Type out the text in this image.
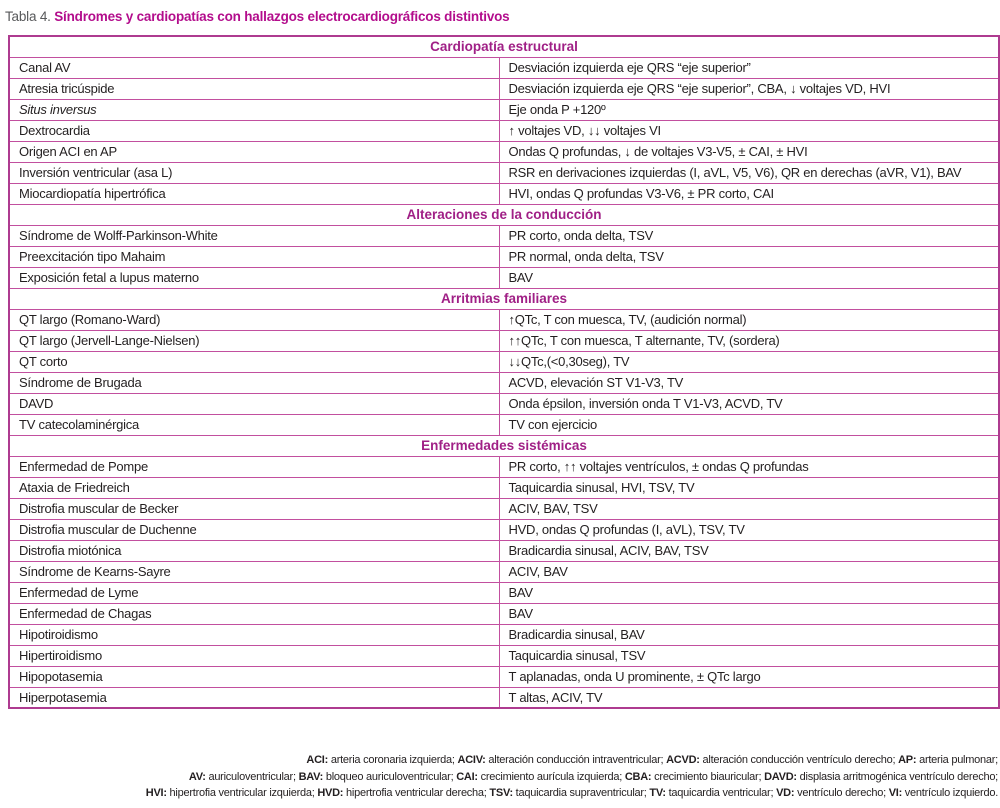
Tabla 4. Síndromes y cardiopatías con hallazgos electrocardiográficos distintivos
Cardiopatía estructural	
Canal AV	Desviación izquierda eje QRS “eje superior”
Atresia tricúspide	Desviación izquierda eje QRS “eje superior”, CBA, ↓ voltajes VD, HVI
Situs inversus	Eje onda P +120º
Dextrocardia	↑ voltajes VD, ↓↓ voltajes VI
Origen ACI en AP	Ondas Q profundas, ↓ de voltajes V3-V5, ± CAI, ± HVI
Inversión ventricular (asa L)	RSR en derivaciones izquierdas (I, aVL, V5, V6), QR en derechas (aVR, V1), BAV
Miocardiopatía hipertrófica	HVI, ondas Q profundas V3-V6, ± PR corto, CAI
Alteraciones de la conducción	
Síndrome de Wolff-Parkinson-White	PR corto, onda delta, TSV
Preexcitación tipo Mahaim	PR normal, onda delta, TSV
Exposición fetal a lupus materno	BAV
Arritmias familiares	
QT largo (Romano-Ward)	↑QTc, T con muesca, TV, (audición normal)
QT largo (Jervell-Lange-Nielsen)	↑↑QTc, T con muesca, T alternante, TV, (sordera)
QT corto	↓↓QTc,(<0,30seg), TV
Síndrome de Brugada	ACVD, elevación ST V1-V3, TV
DAVD	Onda épsilon, inversión onda T V1-V3, ACVD, TV
TV catecolaminérgica	TV con ejercicio
Enfermedades sistémicas	
Enfermedad de Pompe	PR corto, ↑↑ voltajes ventrículos, ± ondas Q profundas
Ataxia de Friedreich	Taquicardia sinusal, HVI, TSV, TV
Distrofia muscular de Becker	ACIV, BAV, TSV
Distrofia muscular de Duchenne	HVD, ondas Q profundas (I, aVL), TSV, TV
Distrofia miotónica	Bradicardia sinusal, ACIV, BAV, TSV
Síndrome de Kearns-Sayre	ACIV, BAV
Enfermedad de Lyme	BAV
Enfermedad de Chagas	BAV
Hipotiroidismo	Bradicardia sinusal, BAV
Hipertiroidismo	Taquicardia sinusal, TSV
Hipopotasemia	T aplanadas, onda U prominente, ± QTc largo
Hiperpotasemia	T altas, ACIV, TV
ACI: arteria coronaria izquierda; ACIV: alteración conducción intraventricular; ACVD: alteración conducción ventrículo derecho; AP: arteria pulmonar;
AV: auriculoventricular; BAV: bloqueo auriculoventricular; CAI: crecimiento aurícula izquierda; CBA: crecimiento biauricular; DAVD: displasia arritmogénica ventrículo derecho;
HVI: hipertrofia ventricular izquierda; HVD: hipertrofia ventricular derecha; TSV: taquicardia supraventricular; TV: taquicardia ventricular; VD: ventrículo derecho; VI: ventrículo izquierdo.
